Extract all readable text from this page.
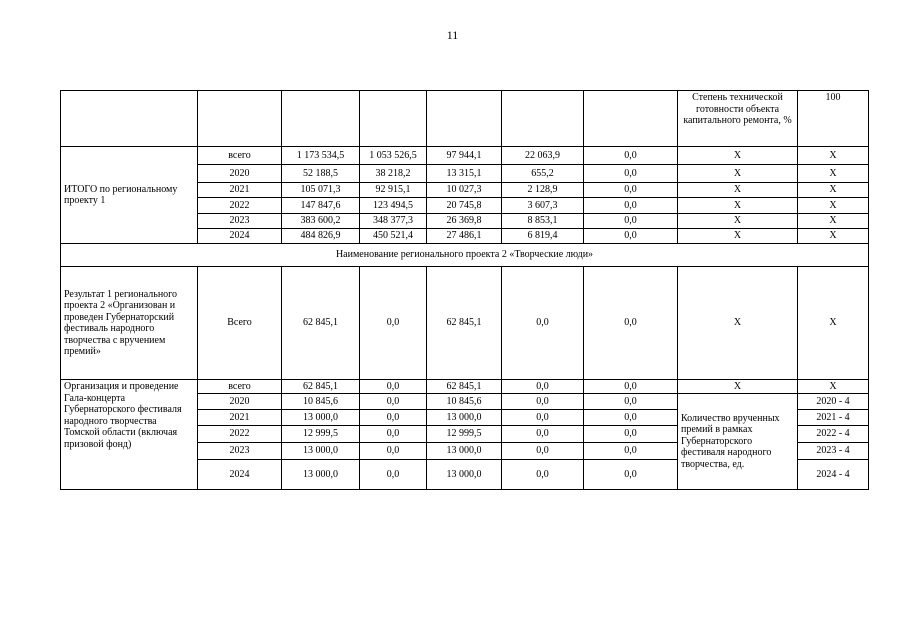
11
							Степень технической готовности объекта капитального ремонта, %	100
ИТОГО по региональному проекту 1	всего	1 173 534,5	1 053 526,5	97 944,1	22 063,9	0,0	Х	Х
	2020	52 188,5	38 218,2	13 315,1	655,2	0,0	Х	Х
	2021	105 071,3	92 915,1	10 027,3	2 128,9	0,0	Х	Х
	2022	147 847,6	123 494,5	20 745,8	3 607,3	0,0	Х	Х
	2023	383 600,2	348 377,3	26 369,8	8 853,1	0,0	Х	Х
	2024	484 826,9	450 521,4	27 486,1	6 819,4	0,0	Х	Х
Наименование регионального проекта 2 «Творческие люди»								
Результат 1 регионального проекта 2 «Организован и проведен Губернаторский фестиваль народного творчества с вручением премий»	Всего	62 845,1	0,0	62 845,1	0,0	0,0	Х	Х
Организация и проведение Гала-концерта Губернаторского фестиваля народного творчества Томской области (включая призовой фонд)	всего	62 845,1	0,0	62 845,1	0,0	0,0	Х	Х
	2020	10 845,6	0,0	10 845,6	0,0	0,0	Количество врученных премий в рамках Губернаторского фестиваля народного творчества, ед.	2020 - 4
	2021	13 000,0	0,0	13 000,0	0,0	0,0		2021 - 4
	2022	12 999,5	0,0	12 999,5	0,0	0,0		2022 - 4
	2023	13 000,0	0,0	13 000,0	0,0	0,0		2023 - 4
	2024	13 000,0	0,0	13 000,0	0,0	0,0		2024 - 4
